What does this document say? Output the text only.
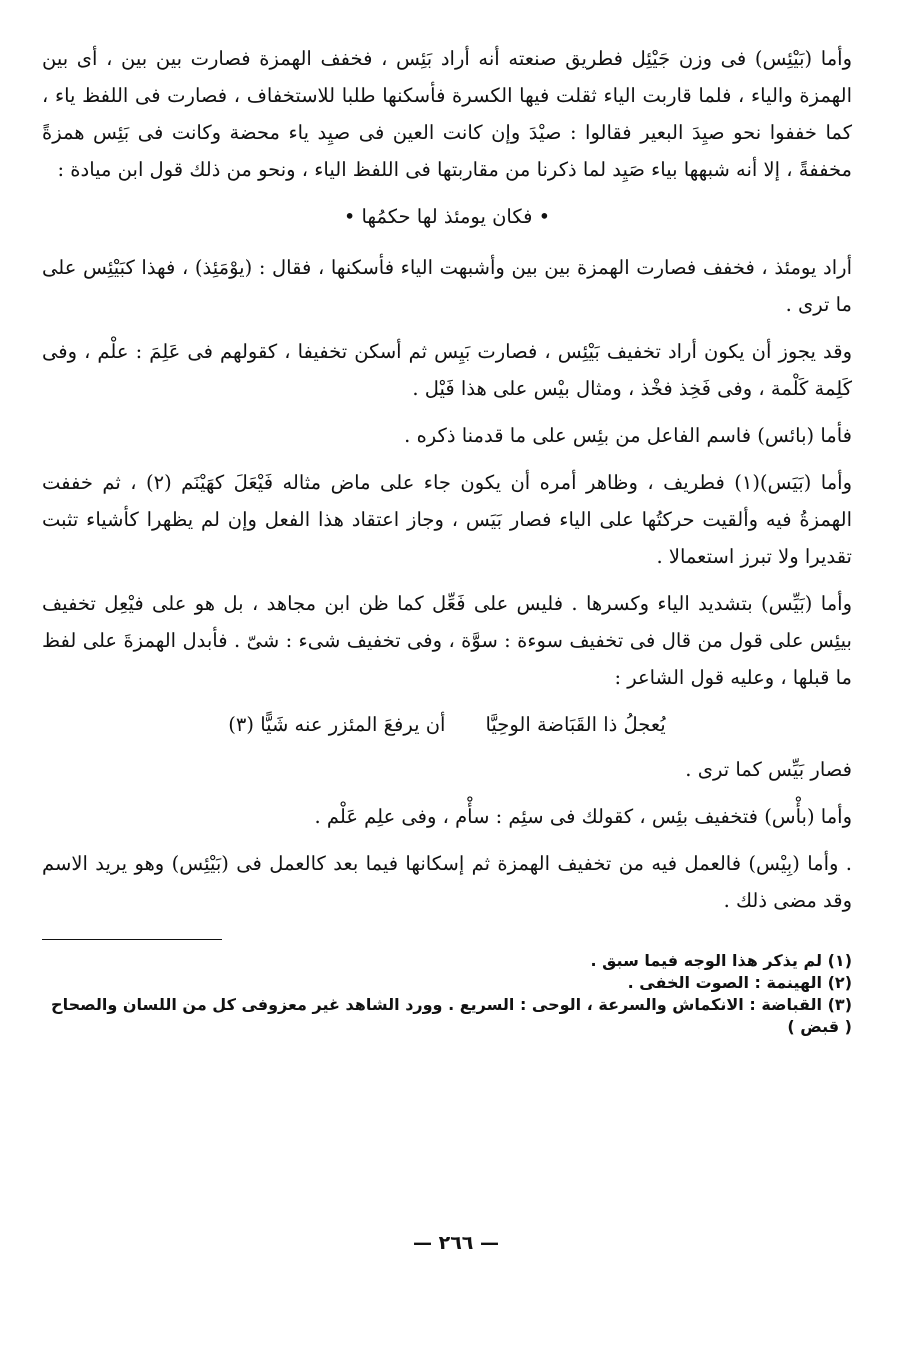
وأما (بَيْئِس) فى وزن جَيْئِل فطريق صنعته أنه أراد بَئِس ، فخفف الهمزة فصارت بين بين ، أى بين الهمزة والياء ، فلما قاربت الياء ثقلت فيها الكسرة فأسكنها طلبا للاستخفاف ، فصارت فى اللفظ ياء ، كما خففوا نحو صيِدَ البعير فقالوا : صيْدَ وإن كانت العين فى صيِد ياء محضة وكانت فى بَئِس همزةً مخففةً ، إلا أنه شبهها بياء صَيِد لما ذكرنا من مقاربتها فى اللفظ الياء ، ونحو من ذلك قول ابن ميادة :

• فكان يومئذ لها حكمُها •

أراد يومئذ ، فخفف فصارت الهمزة بين بين وأشبهت الياء فأسكنها ، فقال : (يوْمَئِذ) ، فهذا كبَيْئِس على ما ترى .

وقد يجوز أن يكون أراد تخفيف بَيْئِس ، فصارت بَيِس ثم أسكن تخفيفا ، كقولهم فى عَلِمَ : علْم ، وفى كَلِمة كَلْمة ، وفى فَخِذ فخْذ ، ومثال بيْس على هذا فَيْل .

فأما (بائس) فاسم الفاعل من بئِس على ما قدمنا ذكره .

وأما (بَيَس)(١) فطريف ، وظاهر أمره أن يكون جاء على ماض مثاله فَيْعَلَ كهَيْنَم (٢) ، ثم خففت الهمزةُ فيه وألقيت حركتُها على الياء فصار بَيَس ، وجاز اعتقاد هذا الفعل وإن لم يظهرا كأشياء تثبت تقديرا ولا تبرز استعمالا .

وأما (بَيِّس) بتشديد الياء وكسرها . فليس على فَعِّل كما ظن ابن مجاهد ، بل هو على فيْعِل تخفيف بيئِس على قول من قال فى تخفيف سوءة : سوَّة ، وفى تخفيف شىء : شىّ . فأبدل الهمزةَ على لفظ ما قبلها ، وعليه قول الشاعر :

يُعجلُ ذا القَبَاضة الوحِيَّا
أن يرفعَ المئزر عنه شَيًّا (٣)

فصار بَيِّس كما ترى .

وأما (بأْس) فتخفيف بئِس ، كقولك فى سئِم : سأْم ، وفى علِم عَلْم .

. وأما (بِيْس) فالعمل فيه من تخفيف الهمزة ثم إسكانها فيما بعد كالعمل فى (بَيْئِس) وهو يريد الاسم وقد مضى ذلك .

(١) لم يذكر هذا الوجه فيما سبق .

(٢) الهينمة : الصوت الخفى .

(٣) القباضة : الانكماش والسرعة ، الوحى : السريع . وورد الشاهد غير معزوفى كل من اللسان والصحاح ( قبض )

— ٢٦٦ —
